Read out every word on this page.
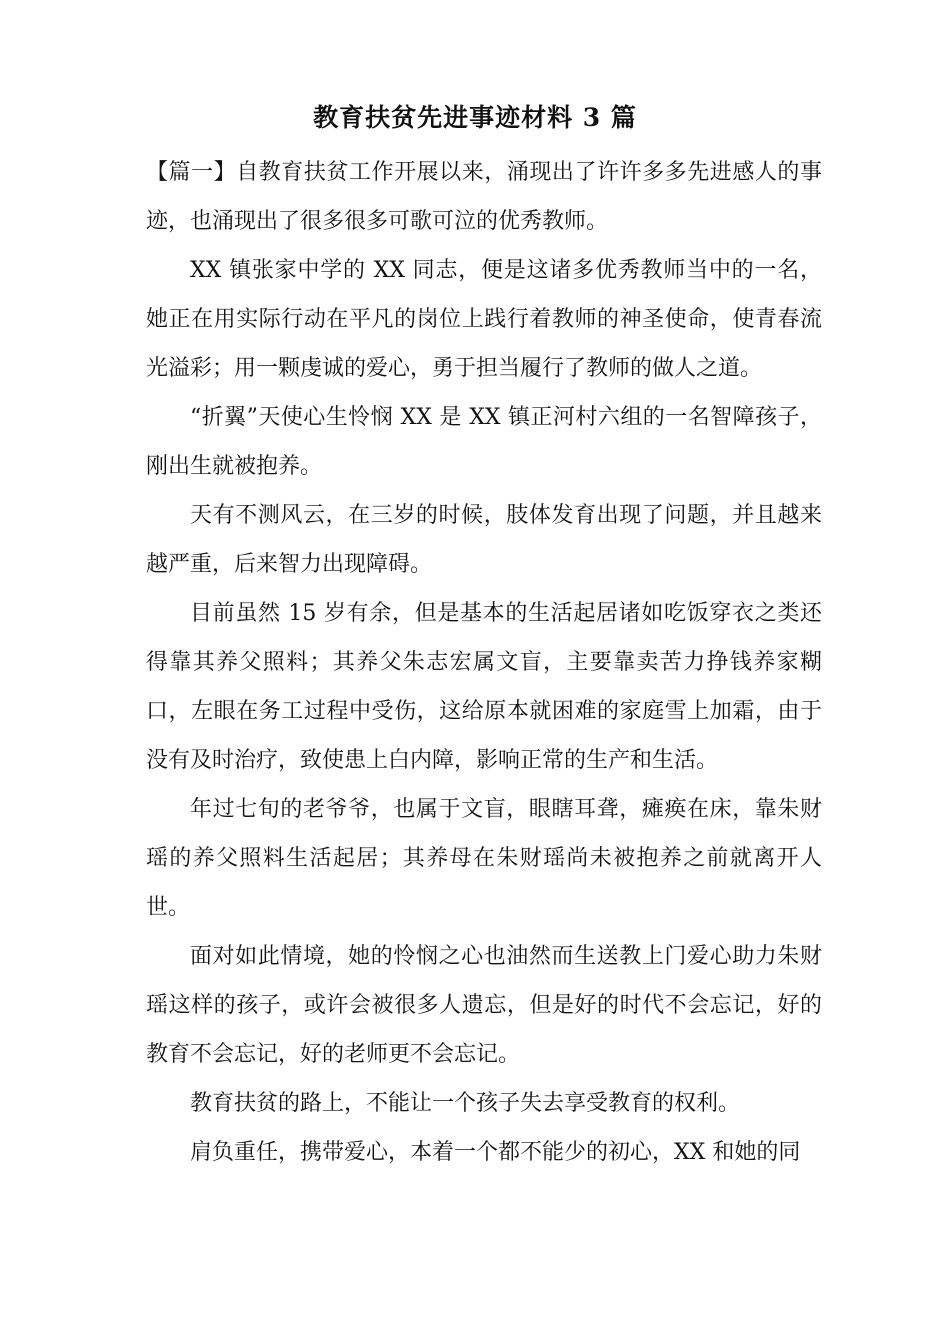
教育扶贫先进事迹材料 3 篇

【篇一】自教育扶贫工作开展以来，涌现出了许许多多先进感人的事迹，也涌现出了很多很多可歌可泣的优秀教师。

XX 镇张家中学的 XX 同志，便是这诸多优秀教师当中的一名，她正在用实际行动在平凡的岗位上践行着教师的神圣使命，使青春流光溢彩；用一颗虔诚的爱心，勇于担当履行了教师的做人之道。

“折翼”天使心生怜悯 XX 是 XX 镇正河村六组的一名智障孩子，刚出生就被抱养。

天有不测风云，在三岁的时候，肢体发育出现了问题，并且越来越严重，后来智力出现障碍。

目前虽然 15 岁有余，但是基本的生活起居诸如吃饭穿衣之类还得靠其养父照料；其养父朱志宏属文盲，主要靠卖苦力挣钱养家糊口，左眼在务工过程中受伤，这给原本就困难的家庭雪上加霜，由于没有及时治疗，致使患上白内障，影响正常的生产和生活。

年过七旬的老爷爷，也属于文盲，眼瞎耳聋，瘫痪在床，靠朱财瑶的养父照料生活起居；其养母在朱财瑶尚未被抱养之前就离开人世。

面对如此情境，她的怜悯之心也油然而生送教上门爱心助力朱财瑶这样的孩子，或许会被很多人遗忘，但是好的时代不会忘记，好的教育不会忘记，好的老师更不会忘记。

教育扶贫的路上，不能让一个孩子失去享受教育的权利。

肩负重任，携带爱心，本着一个都不能少的初心，XX 和她的同
